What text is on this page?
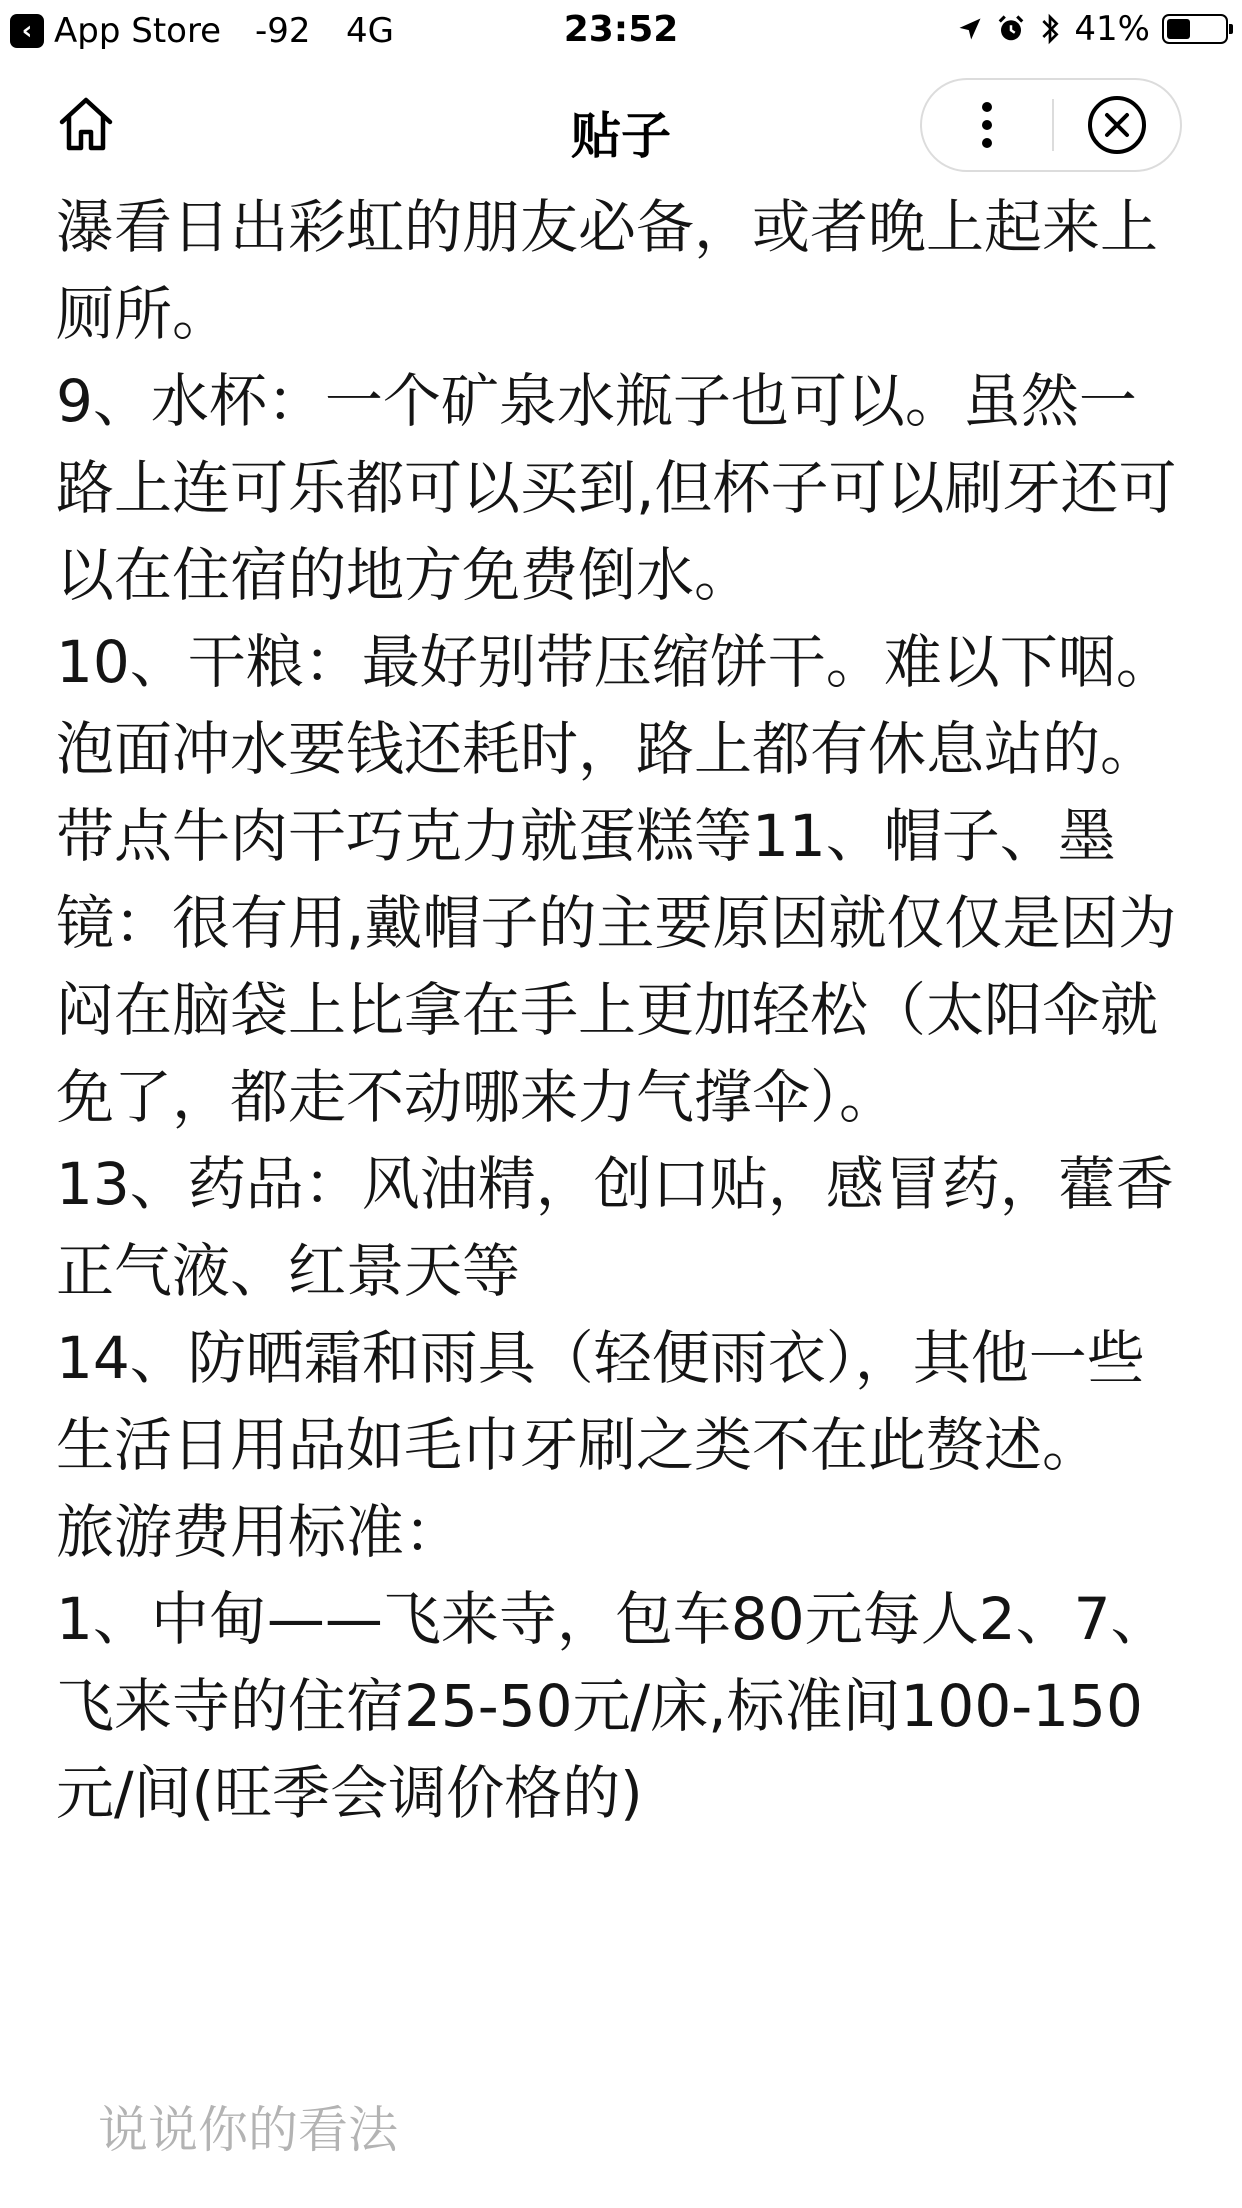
‹ App Store -92 4G	23:52	41%
贴子

瀑看日出彩虹的朋友必备，或者晚上起来上厕所。

9、水杯：一个矿泉水瓶子也可以。虽然一路上连可乐都可以买到,但杯子可以刷牙还可以在住宿的地方免费倒水。

10、干粮：最好别带压缩饼干。难以下咽。泡面冲水要钱还耗时，路上都有休息站的。带点牛肉干巧克力就蛋糕等11、帽子、墨镜：很有用,戴帽子的主要原因就仅仅是因为闷在脑袋上比拿在手上更加轻松（太阳伞就免了，都走不动哪来力气撑伞）。

13、药品：风油精，创口贴，感冒药，藿香正气液、红景天等

14、防晒霜和雨具（轻便雨衣），其他一些生活日用品如毛巾牙刷之类不在此赘述。

旅游费用标准：

1、中甸——飞来寺，包车80元每人2、7、飞来寺的住宿25-50元/床,标准间100-150元/间(旺季会调价格的)

说说你的看法
